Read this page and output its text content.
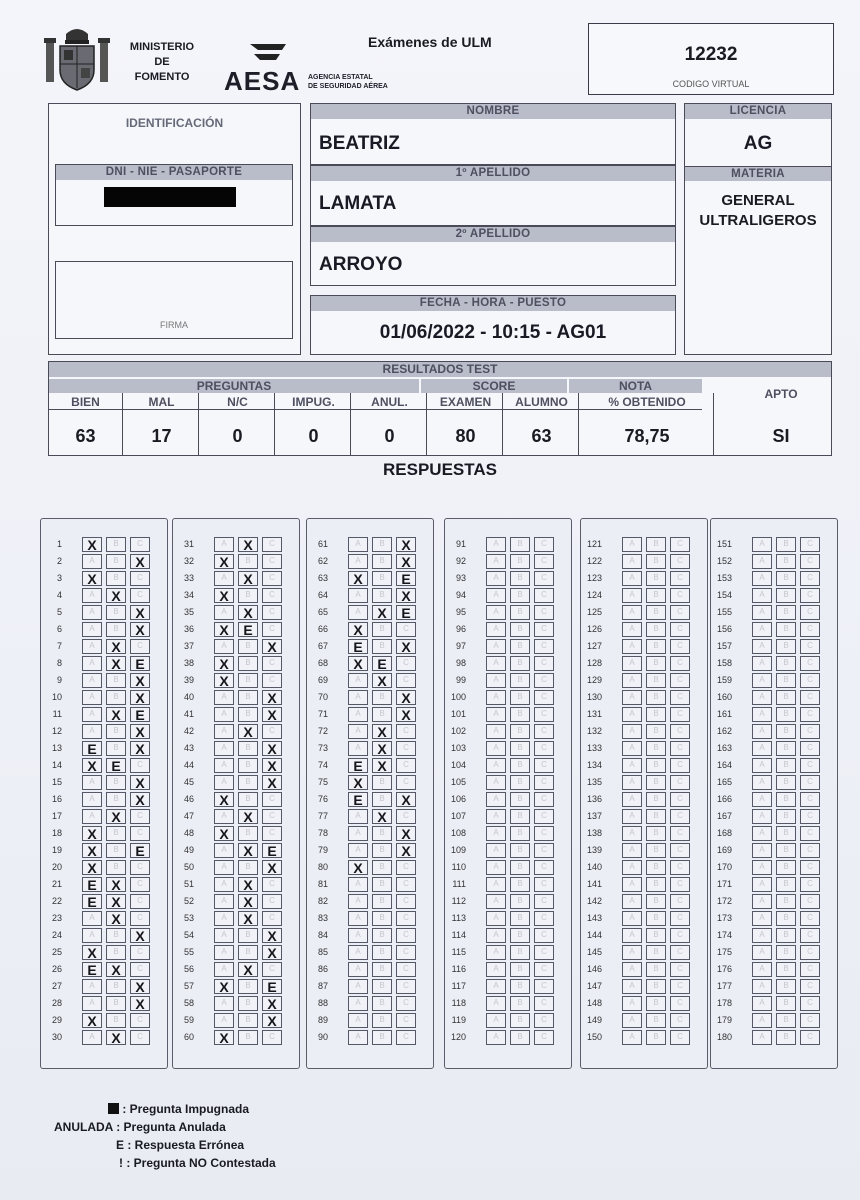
MINISTERIO
DE
FOMENTO	AESA AGENCIA ESTATAL
DE SEGURIDAD AÉREA
Exámenes de ULM
12232
CODIGO VIRTUAL
IDENTIFICACIÓN
DNI - NIE - PASAPORTE
FIRMA
NOMBRE
BEATRIZ
1º APELLIDO
LAMATA
2º APELLIDO
ARROYO
FECHA - HORA - PUESTO
01/06/2022 - 10:15 - AG01
LICENCIA
AG
MATERIA
GENERAL
ULTRALIGEROS
RESULTADOS TEST
PREGUNTAS	SCORE	NOTA
BIEN
63
MAL
17
N/C
0
IMPUG.
0
ANUL.
0
EXAMEN
80
ALUMNO
63
% OBTENIDO
78,75
APTO
SI
RESPUESTAS
1	X	B	C
2	A	B	X
3	X	B	C
4	A	X	C
5	A	B	X
6	A	B	X
7	A	X	C
8	A	X	E
9	A	B	X
10	A	B	X
11	A	X	E
12	A	B	X
13	E	B	X
14	X	E	C
15	A	B	X
16	A	B	X
17	A	X	C
18	X	B	C
19	X	B	E
20	X	B	C
21	E	X	C
22	E	X	C
23	A	X	C
24	A	B	X
25	X	B	C
26	E	X	C
27	A	B	X
28	A	B	X
29	X	B	C
30	A	X	C
31	A	X	C
32	X	B	C
33	A	X	C
34	X	B	C
35	A	X	C
36	X	E	C
37	A	B	X
38	X	B	C
39	X	B	C
40	A	B	X
41	A	B	X
42	A	X	C
43	A	B	X
44	A	B	X
45	A	B	X
46	X	B	C
47	A	X	C
48	X	B	C
49	A	X	E
50	A	B	X
51	A	X	C
52	A	X	C
53	A	X	C
54	A	B	X
55	A	B	X
56	A	X	C
57	X	B	E
58	A	B	X
59	A	B	X
60	X	B	C
61	A	B	X
62	A	B	X
63	X	B	E
64	A	B	X
65	A	X	E
66	X	B	C
67	E	B	X
68	X	E	C
69	A	X	C
70	A	B	X
71	A	B	X
72	A	X	C
73	A	X	C
74	E	X	C
75	X	B	C
76	E	B	X
77	A	X	C
78	A	B	X
79	A	B	X
80	X	B	C
81	A	B	C
82	A	B	C
83	A	B	C
84	A	B	C
85	A	B	C
86	A	B	C
87	A	B	C
88	A	B	C
89	A	B	C
90	A	B	C
91	A	B	C
92	A	B	C
93	A	B	C
94	A	B	C
95	A	B	C
96	A	B	C
97	A	B	C
98	A	B	C
99	A	B	C
100	A	B	C
101	A	B	C
102	A	B	C
103	A	B	C
104	A	B	C
105	A	B	C
106	A	B	C
107	A	B	C
108	A	B	C
109	A	B	C
110	A	B	C
111	A	B	C
112	A	B	C
113	A	B	C
114	A	B	C
115	A	B	C
116	A	B	C
117	A	B	C
118	A	B	C
119	A	B	C
120	A	B	C
121	A	B	C
122	A	B	C
123	A	B	C
124	A	B	C
125	A	B	C
126	A	B	C
127	A	B	C
128	A	B	C
129	A	B	C
130	A	B	C
131	A	B	C
132	A	B	C
133	A	B	C
134	A	B	C
135	A	B	C
136	A	B	C
137	A	B	C
138	A	B	C
139	A	B	C
140	A	B	C
141	A	B	C
142	A	B	C
143	A	B	C
144	A	B	C
145	A	B	C
146	A	B	C
147	A	B	C
148	A	B	C
149	A	B	C
150	A	B	C
151	A	B	C
152	A	B	C
153	A	B	C
154	A	B	C
155	A	B	C
156	A	B	C
157	A	B	C
158	A	B	C
159	A	B	C
160	A	B	C
161	A	B	C
162	A	B	C
163	A	B	C
164	A	B	C
165	A	B	C
166	A	B	C
167	A	B	C
168	A	B	C
169	A	B	C
170	A	B	C
171	A	B	C
172	A	B	C
173	A	B	C
174	A	B	C
175	A	B	C
176	A	B	C
177	A	B	C
178	A	B	C
179	A	B	C
180	A	B	C
: Pregunta Impugnada
ANULADA : Pregunta Anulada
E : Respuesta Errónea
! : Pregunta NO Contestada
